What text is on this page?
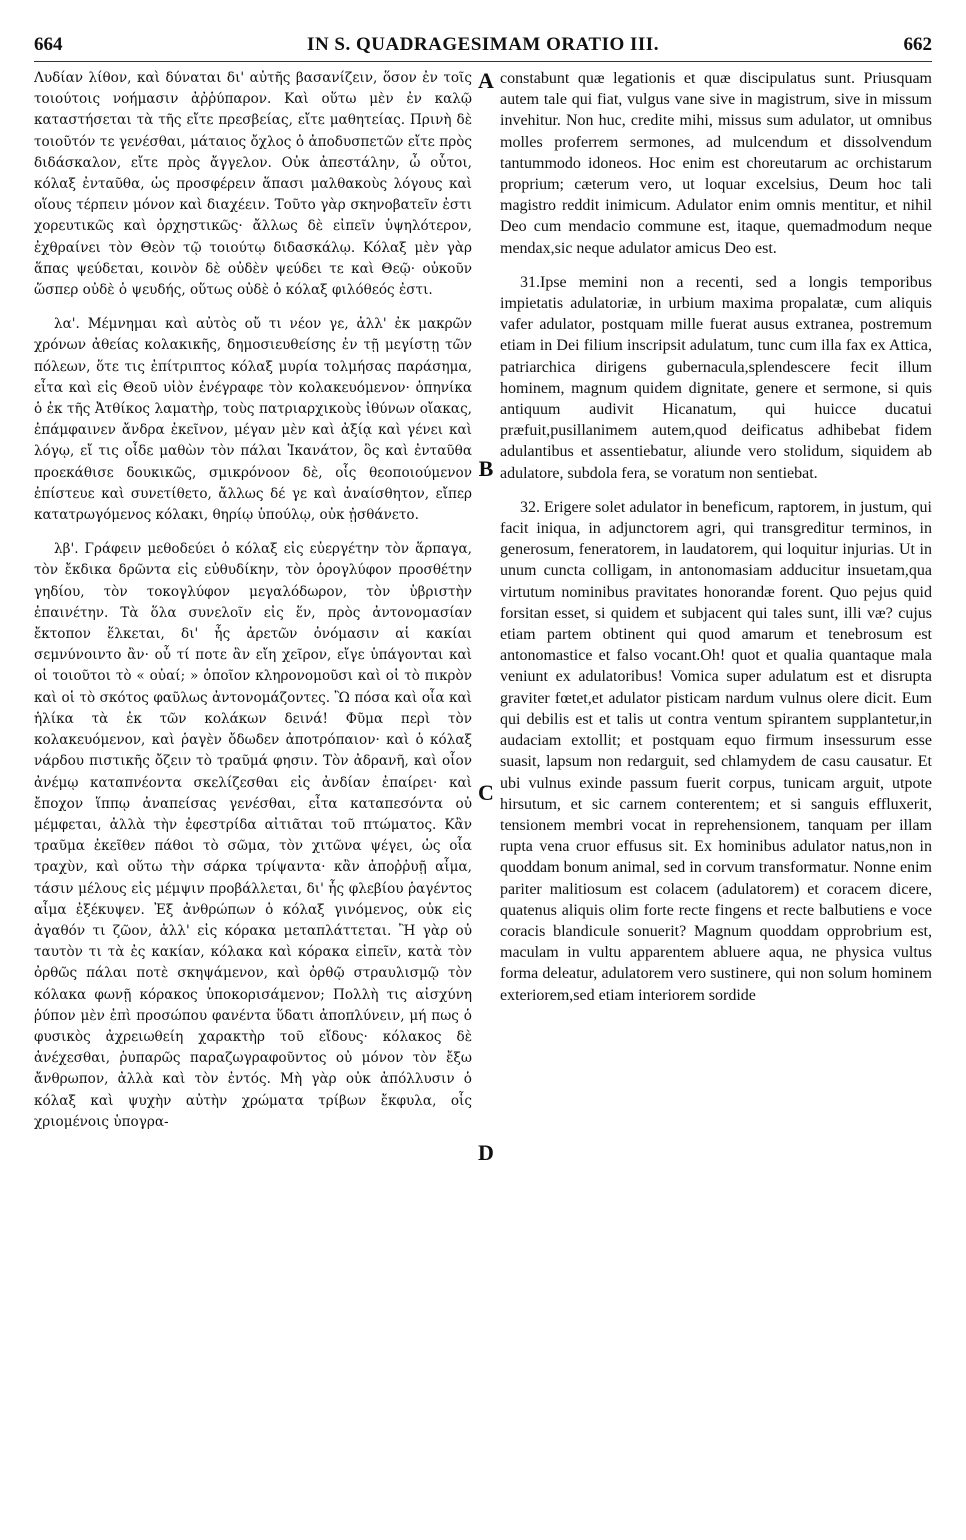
664	IN S. QUADRAGESIMAM ORATIO III.	662

Λυδίαν λίθον, καὶ δύναται δι' αὐτῆς βασανίζειν, ὅσον ἐν τοῖς τοιούτοις νοήμασιν ἀῤῥύπαρον. Καὶ οὕτω μὲν ἐν καλῷ καταστήσεται τὰ τῆς εἴτε πρεσβείας, εἴτε μαθητείας. Πρινὴ δὲ τοιοῦτόν τε γενέσθαι, μάταιος ὄχλος ὁ ἀποδυσπετῶν εἴτε πρὸς διδάσκαλον, εἴτε πρὸς ἄγγελον. Οὐκ ἀπεστάλην, ὦ οὗτοι, κόλαξ ἐνταῦθα, ὡς προσφέρειν ἅπασι μαλθακοὺς λόγους καὶ οἵους τέρπειν μόνον καὶ διαχέειν. Τοῦτο γὰρ σκηνοβατεῖν ἐστι χορευτικῶς καὶ ὀρχηστικῶς· ἄλλως δὲ εἰπεῖν ὑψηλότερον, ἐχθραίνει τὸν Θεὸν τῷ τοιούτῳ διδασκάλῳ. Κόλαξ μὲν γὰρ ἅπας ψεύδεται, κοινὸν δὲ οὐδὲν ψεύδει τε καὶ Θεῷ· οὐκοῦν ὥσπερ οὐδὲ ὁ ψευδής, οὕτως οὐδὲ ὁ κόλαξ φιλόθεός ἐστι.

λα'. Μέμνημαι καὶ αὐτὸς οὔ τι νέον γε, ἀλλ' ἐκ μακρῶν χρόνων ἀθείας κολακικῆς, δημοσιευθείσης ἐν τῇ μεγίστῃ τῶν πόλεων, ὅτε τις ἐπίτριπτος κόλαξ μυρία τολμήσας παράσημα, εἶτα καὶ εἰς Θεοῦ υἱὸν ἐνέγραφε τὸν κολακευόμενον· ὁπηνίκα ὁ ἐκ τῆς Ἀτθίκος λαματὴρ, τοὺς πατριαρχικοὺς ἰθύνων οἴακας, ἐπάμφαινεν ἄνδρα ἐκεῖνον, μέγαν μὲν καὶ ἀξίᾳ καὶ γένει καὶ λόγῳ, εἴ τις οἶδε μαθὼν τὸν πάλαι Ἱκανάτον, ὃς καὶ ἐνταῦθα προεκάθισε δουκικῶς, σμικρόνοον δὲ, οἷς θεοποιούμενον ἐπίστευε καὶ συνετίθετο, ἄλλως δέ γε καὶ ἀναίσθητον, εἴπερ κατατρωγόμενος κόλακι, θηρίῳ ὑπούλῳ, οὐκ ᾐσθάνετο.

λβ'. Γράφειν μεθοδεύει ὁ κόλαξ εἰς εὐεργέτην τὸν ἅρπαγα, τὸν ἔκδικα δρῶντα εἰς εὐθυδίκην, τὸν ὁρογλύφον προσθέτην γηδίου, τὸν τοκογλύφον μεγαλόδωρον, τὸν ὑβριστὴν ἐπαινέτην. Τὰ ὅλα συνελοῖν εἰς ἕν, πρὸς ἀντονομασίαν ἔκτοπον ἕλκεται, δι' ἧς ἀρετῶν ὀνόμασιν αἱ κακίαι σεμνύνοιντο ἂν· οὗ τί ποτε ἂν εἴη χεῖρον, εἴγε ὑπάγονται καὶ οἱ τοιοῦτοι τὸ « οὐαί; » ὁποῖον κληρονομοῦσι καὶ οἱ τὸ πικρὸν καὶ οἱ τὸ σκότος φαῦλως ἀντονομάζοντες. Ὢ πόσα καὶ οἷα καὶ ἡλίκα τὰ ἐκ τῶν κολάκων δεινά! Φῦμα περὶ τὸν κολακευόμενον, καὶ ῥαγὲν ὄδωδεν ἀποτρόπαιον· καὶ ὁ κόλαξ νάρδου πιστικῆς ὄζειν τὸ τραῦμά φησιν. Τὸν ἀδρανῆ, καὶ οἷον ἀνέμῳ καταπνέοντα σκελίζεσθαι εἰς ἀνδίαν ἐπαίρει· καὶ ἔποχον ἵππῳ ἀναπείσας γενέσθαι, εἶτα καταπεσόντα οὐ μέμφεται, ἀλλὰ τὴν ἐφεστρίδα αἰτιᾶται τοῦ πτώματος. Κἂν τραῦμα ἐκεῖθεν πάθοι τὸ σῶμα, τὸν χιτῶνα ψέγει, ὡς οἷα τραχὺν, καὶ οὕτω τὴν σάρκα τρίψαντα· κἂν ἀποῤῥυῇ αἷμα, τάσιν μέλους εἰς μέμψιν προβάλλεται, δι' ἧς φλεβίου ῥαγέντος αἷμα ἐξέκυψεν. Ἐξ ἀνθρώπων ὁ κόλαξ γινόμενος, οὐκ εἰς ἀγαθόν τι ζῶον, ἀλλ' εἰς κόρακα μεταπλάττεται. Ἢ γὰρ οὐ ταυτὸν τι τὰ ἐς κακίαν, κόλακα καὶ κόρακα εἰπεῖν, κατὰ τὸν ὀρθῶς πάλαι ποτὲ σκηψάμενον, καὶ ὀρθῷ στραυλισμῷ τὸν κόλακα φωνῇ κόρακος ὑποκορισάμενον; Πολλὴ τις αἰσχύνη ῥύπον μὲν ἐπὶ προσώπου φανέντα ὕδατι ἀποπλύνειν, μή πως ὁ φυσικὸς ἀχρειωθείη χαρακτὴρ τοῦ εἴδους· κόλακος δὲ ἀνέχεσθαι, ῥυπαρῶς παραζωγραφοῦντος οὐ μόνον τὸν ἔξω ἄνθρωπον, ἀλλὰ καὶ τὸν ἐντός. Μὴ γὰρ οὐκ ἀπόλλυσιν ὁ κόλαξ καὶ ψυχὴν αὐτὴν χρώματα τρίβων ἔκφυλα, οἷς χριομένοις ὑπογρα-

constabunt quæ legationis et quæ discipulatus sunt. Priusquam autem tale qui fiat, vulgus vane sive in magistrum, sive in missum invehitur. Non huc, credite mihi, missus sum adulator, ut omnibus molles proferrem sermones, ad mulcendum et dissolvendum tantummodo idoneos. Hoc enim est choreutarum ac orchistarum proprium; cæterum vero, ut loquar excelsius, Deum hoc tali magistro reddit inimicum. Adulator enim omnis mentitur, et nihil Deo cum mendacio commune est, itaque, quemadmodum neque mendax,sic neque adulator amicus Deo est.

31.Ipse memini non a recenti, sed a longis temporibus impietatis adulatoriæ, in urbium maxima propalatæ, cum aliquis vafer adulator, postquam mille fuerat ausus extranea, postremum etiam in Dei filium inscripsit adulatum, tunc cum illa fax ex Attica, patriarchica dirigens gubernacula,splendescere fecit illum hominem, magnum quidem dignitate, genere et sermone, si quis antiquum audivit Hicanatum, qui huicce ducatui præfuit,pusillanimem autem,quod deificatus adhibebat fidem adulantibus et assentiebatur, aliunde vero stolidum, siquidem ab adulatore, subdola fera, se voratum non sentiebat.

32. Erigere solet adulator in beneficum, raptorem, in justum, qui facit iniqua, in adjunctorem agri, qui transgreditur terminos, in generosum, feneratorem, in laudatorem, qui loquitur injurias. Ut in unum cuncta colligam, in antonomasiam adducitur insuetam,qua virtutum nominibus pravitates honorandæ forent. Quo pejus quid forsitan esset, si quidem et subjacent qui tales sunt, illi væ? cujus etiam partem obtinent qui quod amarum et tenebrosum est antonomastice et falso vocant.Oh! quot et qualia quantaque mala veniunt ex adulatoribus! Vomica super adulatum est et disrupta graviter fœtet,et adulator pisticam nardum vulnus olere dicit. Eum qui debilis est et talis ut contra ventum spirantem supplantetur,in audaciam extollit; et postquam equo firmum insessurum esse suasit, lapsum non redarguit, sed chlamydem de casu causatur. Et ubi vulnus exinde passum fuerit corpus, tunicam arguit, utpote hirsutum, et sic carnem conterentem; et si sanguis effluxerit, tensionem membri vocat in reprehensionem, tanquam per illam rupta vena cruor effusus sit. Ex hominibus adulator natus,non in quoddam bonum animal, sed in corvum transformatur. Nonne enim pariter malitiosum est colacem (adulatorem) et coracem dicere, quatenus aliquis olim forte recte fingens et recte balbutiens e voce coracis blandicule sonuerit? Magnum quoddam opprobrium est, maculam in vultu apparentem abluere aqua, ne physica vultus forma deleatur, adulatorem vero sustinere, qui non solum hominem exteriorem,sed etiam interiorem sordide

A
B
C
D
